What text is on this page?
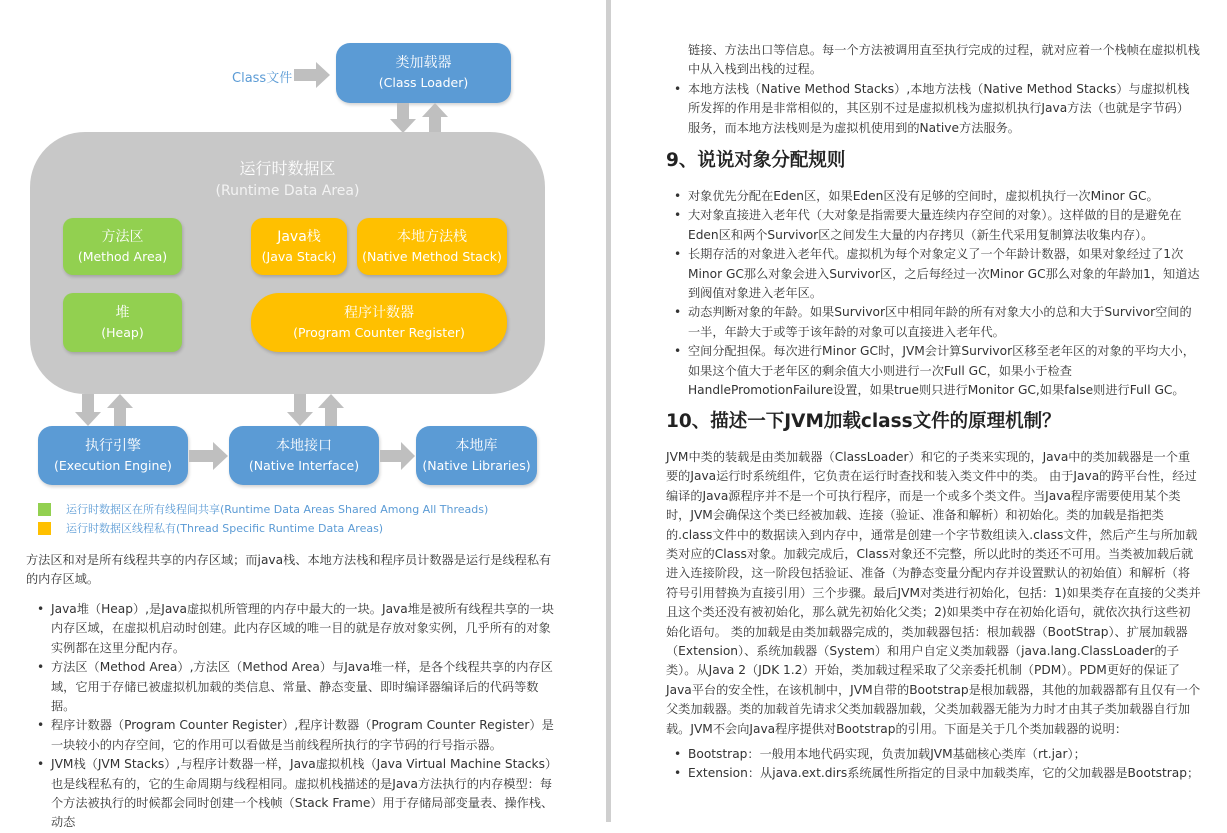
Class文件
类加载器
(Class Loader)
运行时数据区
(Runtime Data Area)
方法区
(Method Area)
堆
(Heap)
Java栈
(Java Stack)
本地方法栈
(Native Method Stack)
程序计数器
(Program Counter Register)
执行引擎
(Execution Engine)
本地接口
(Native Interface)
本地库
(Native Libraries)
运行时数据区在所有线程间共享(Runtime Data Areas Shared Among All Threads)
运行时数据区线程私有(Thread Specific Runtime Data Areas)

方法区和对是所有线程共享的内存区域；而java栈、本地方法栈和程序员计数器是运行是线程私有的内存区域。

• Java堆（Heap）,是Java虚拟机所管理的内存中最大的一块。Java堆是被所有线程共享的一块内存区域，在虚拟机启动时创建。此内存区域的唯一目的就是存放对象实例，几乎所有的对象实例都在这里分配内存。
• 方法区（Method Area）,方法区（Method Area）与Java堆一样，是各个线程共享的内存区域，它用于存储已被虚拟机加载的类信息、常量、静态变量、即时编译器编译后的代码等数据。
• 程序计数器（Program Counter Register）,程序计数器（Program Counter Register）是一块较小的内存空间，它的作用可以看做是当前线程所执行的字节码的行号指示器。
• JVM栈（JVM Stacks）,与程序计数器一样，Java虚拟机栈（Java Virtual Machine Stacks）也是线程私有的，它的生命周期与线程相同。虚拟机栈描述的是Java方法执行的内存模型：每个方法被执行的时候都会同时创建一个栈帧（Stack Frame）用于存储局部变量表、操作栈、动态

链接、方法出口等信息。每一个方法被调用直至执行完成的过程，就对应着一个栈帧在虚拟机栈中从入栈到出栈的过程。

• 本地方法栈（Native Method Stacks）,本地方法栈（Native Method Stacks）与虚拟机栈所发挥的作用是非常相似的，其区别不过是虚拟机栈为虚拟机执行Java方法（也就是字节码）服务，而本地方法栈则是为虚拟机使用到的Native方法服务。
9、说说对象分配规则
• 对象优先分配在Eden区，如果Eden区没有足够的空间时，虚拟机执行一次Minor GC。
• 大对象直接进入老年代（大对象是指需要大量连续内存空间的对象）。这样做的目的是避免在Eden区和两个Survivor区之间发生大量的内存拷贝（新生代采用复制算法收集内存）。
• 长期存活的对象进入老年代。虚拟机为每个对象定义了一个年龄计数器，如果对象经过了1次Minor GC那么对象会进入Survivor区，之后每经过一次Minor GC那么对象的年龄加1，知道达到阀值对象进入老年区。
• 动态判断对象的年龄。如果Survivor区中相同年龄的所有对象大小的总和大于Survivor空间的一半，年龄大于或等于该年龄的对象可以直接进入老年代。
• 空间分配担保。每次进行Minor GC时，JVM会计算Survivor区移至老年区的对象的平均大小，如果这个值大于老年区的剩余值大小则进行一次Full GC，如果小于检查HandlePromotionFailure设置，如果true则只进行Monitor GC,如果false则进行Full GC。
10、描述一下JVM加载class文件的原理机制？

JVM中类的装载是由类加载器（ClassLoader）和它的子类来实现的，Java中的类加载器是一个重要的Java运行时系统组件，它负责在运行时查找和装入类文件中的类。 由于Java的跨平台性，经过编译的Java源程序并不是一个可执行程序，而是一个或多个类文件。当Java程序需要使用某个类时，JVM会确保这个类已经被加载、连接（验证、准备和解析）和初始化。类的加载是指把类的.class文件中的数据读入到内存中，通常是创建一个字节数组读入.class文件，然后产生与所加载类对应的Class对象。加载完成后，Class对象还不完整，所以此时的类还不可用。当类被加载后就进入连接阶段，这一阶段包括验证、准备（为静态变量分配内存并设置默认的初始值）和解析（将符号引用替换为直接引用）三个步骤。最后JVM对类进行初始化，包括：1)如果类存在直接的父类并且这个类还没有被初始化，那么就先初始化父类；2)如果类中存在初始化语句，就依次执行这些初始化语句。 类的加载是由类加载器完成的，类加载器包括：根加载器（BootStrap）、扩展加载器（Extension）、系统加载器（System）和用户自定义类加载器（java.lang.ClassLoader的子类）。从Java 2（JDK 1.2）开始，类加载过程采取了父亲委托机制（PDM）。PDM更好的保证了Java平台的安全性，在该机制中，JVM自带的Bootstrap是根加载器，其他的加载器都有且仅有一个父类加载器。类的加载首先请求父类加载器加载，父类加载器无能为力时才由其子类加载器自行加载。JVM不会向Java程序提供对Bootstrap的引用。下面是关于几个类加载器的说明：

• Bootstrap：一般用本地代码实现，负责加载JVM基础核心类库（rt.jar）；
• Extension：从java.ext.dirs系统属性所指定的目录中加载类库，它的父加载器是Bootstrap；
